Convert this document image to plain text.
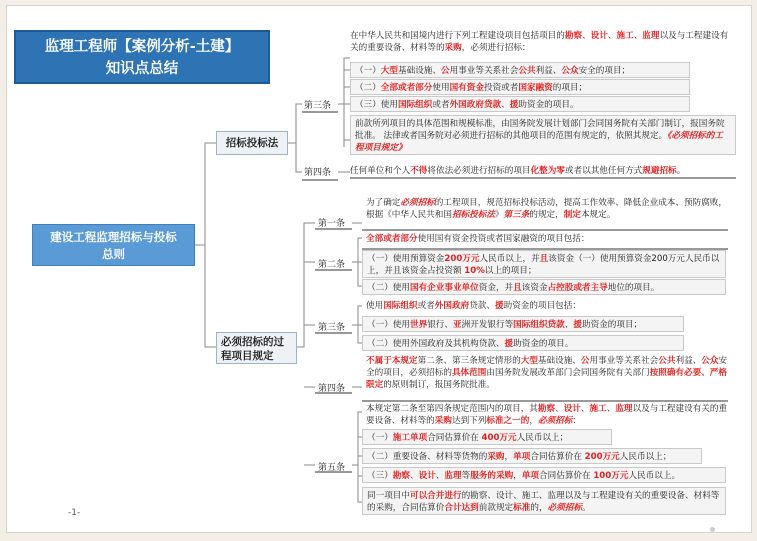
监理工程师【案例分析-土建】
知识点总结
建设工程监理招标与投标
总则
招标投标法
第三条
第四条
在中华人民共和国境内进行下列工程建设项目包括项目的勘察、设计、施工、监理以及与工程建设有关的重要设备、材料等的采购，必须进行招标：
（一）大型基础设施、公用事业等关系社会公共利益、公众安全的项目；
（二）全部或者部分使用国有资金投资或者国家融资的项目；
（三）使用国际组织或者外国政府贷款、援助资金的项目。
前款所列项目的具体范围和规模标准，由国务院发展计划部门会同国务院有关部门制订，报国务院批准。 法律或者国务院对必须进行招标的其他项目的范围有规定的，依照其规定。《必须招标的工程项目规定》
任何单位和个人不得将依法必须进行招标的项目化整为零或者以其他任何方式规避招标。
必须招标的过
程项目规定
第一条
第二条
第三条
第四条
第五条
为了确定必须招标的工程项目，规范招标投标活动，提高工作效率、降低企业成本、预防腐败，根据《中华人民共和国招标投标法》第三条的规定，制定本规定。
全部或者部分使用国有资金投资或者国家融资的项目包括：
（一）使用预算资金200万元人民币以上，并且该资金（一）使用预算资金200万元人民币以上，并且该资金占投资额 10%以上的项目；
（二）使用国有企业事业单位资金，并且该资金占控股或者主导地位的项目。
使用国际组织或者外国政府贷款、援助资金的项目包括：
（一）使用世界银行、亚洲开发银行等国际组织贷款、援助资金的项目；
（二）使用外国政府及其机构贷款、援助资金的项目。
不属于本规定第二条、第三条规定情形的大型基础设施、公用事业等关系社会公共利益、公众安全的项目，必须招标的具体范围由国务院发展改革部门会同国务院有关部门按照确有必要、严格限定的原则制订，报国务院批准。
本规定第二条至第四条规定范围内的项目，其勘察、设计、施工、监理以及与工程建设有关的重要设备、材料等的采购达到下列标准之一的，必须招标：
（一）施工单项合同估算价在 400万元人民币以上；
（二）重要设备、材料等货物的采购，单项合同估算价在 200万元人民币以上；
（三）勘察、设计、监理等服务的采购，单项合同估算价在 100万元人民币以上。
同一项目中可以合并进行的勘察、设计、施工、监理以及与工程建设有关的重要设备、材料等的采购，合同估算价合计达到前款规定标准的，必须招标。
-1-
